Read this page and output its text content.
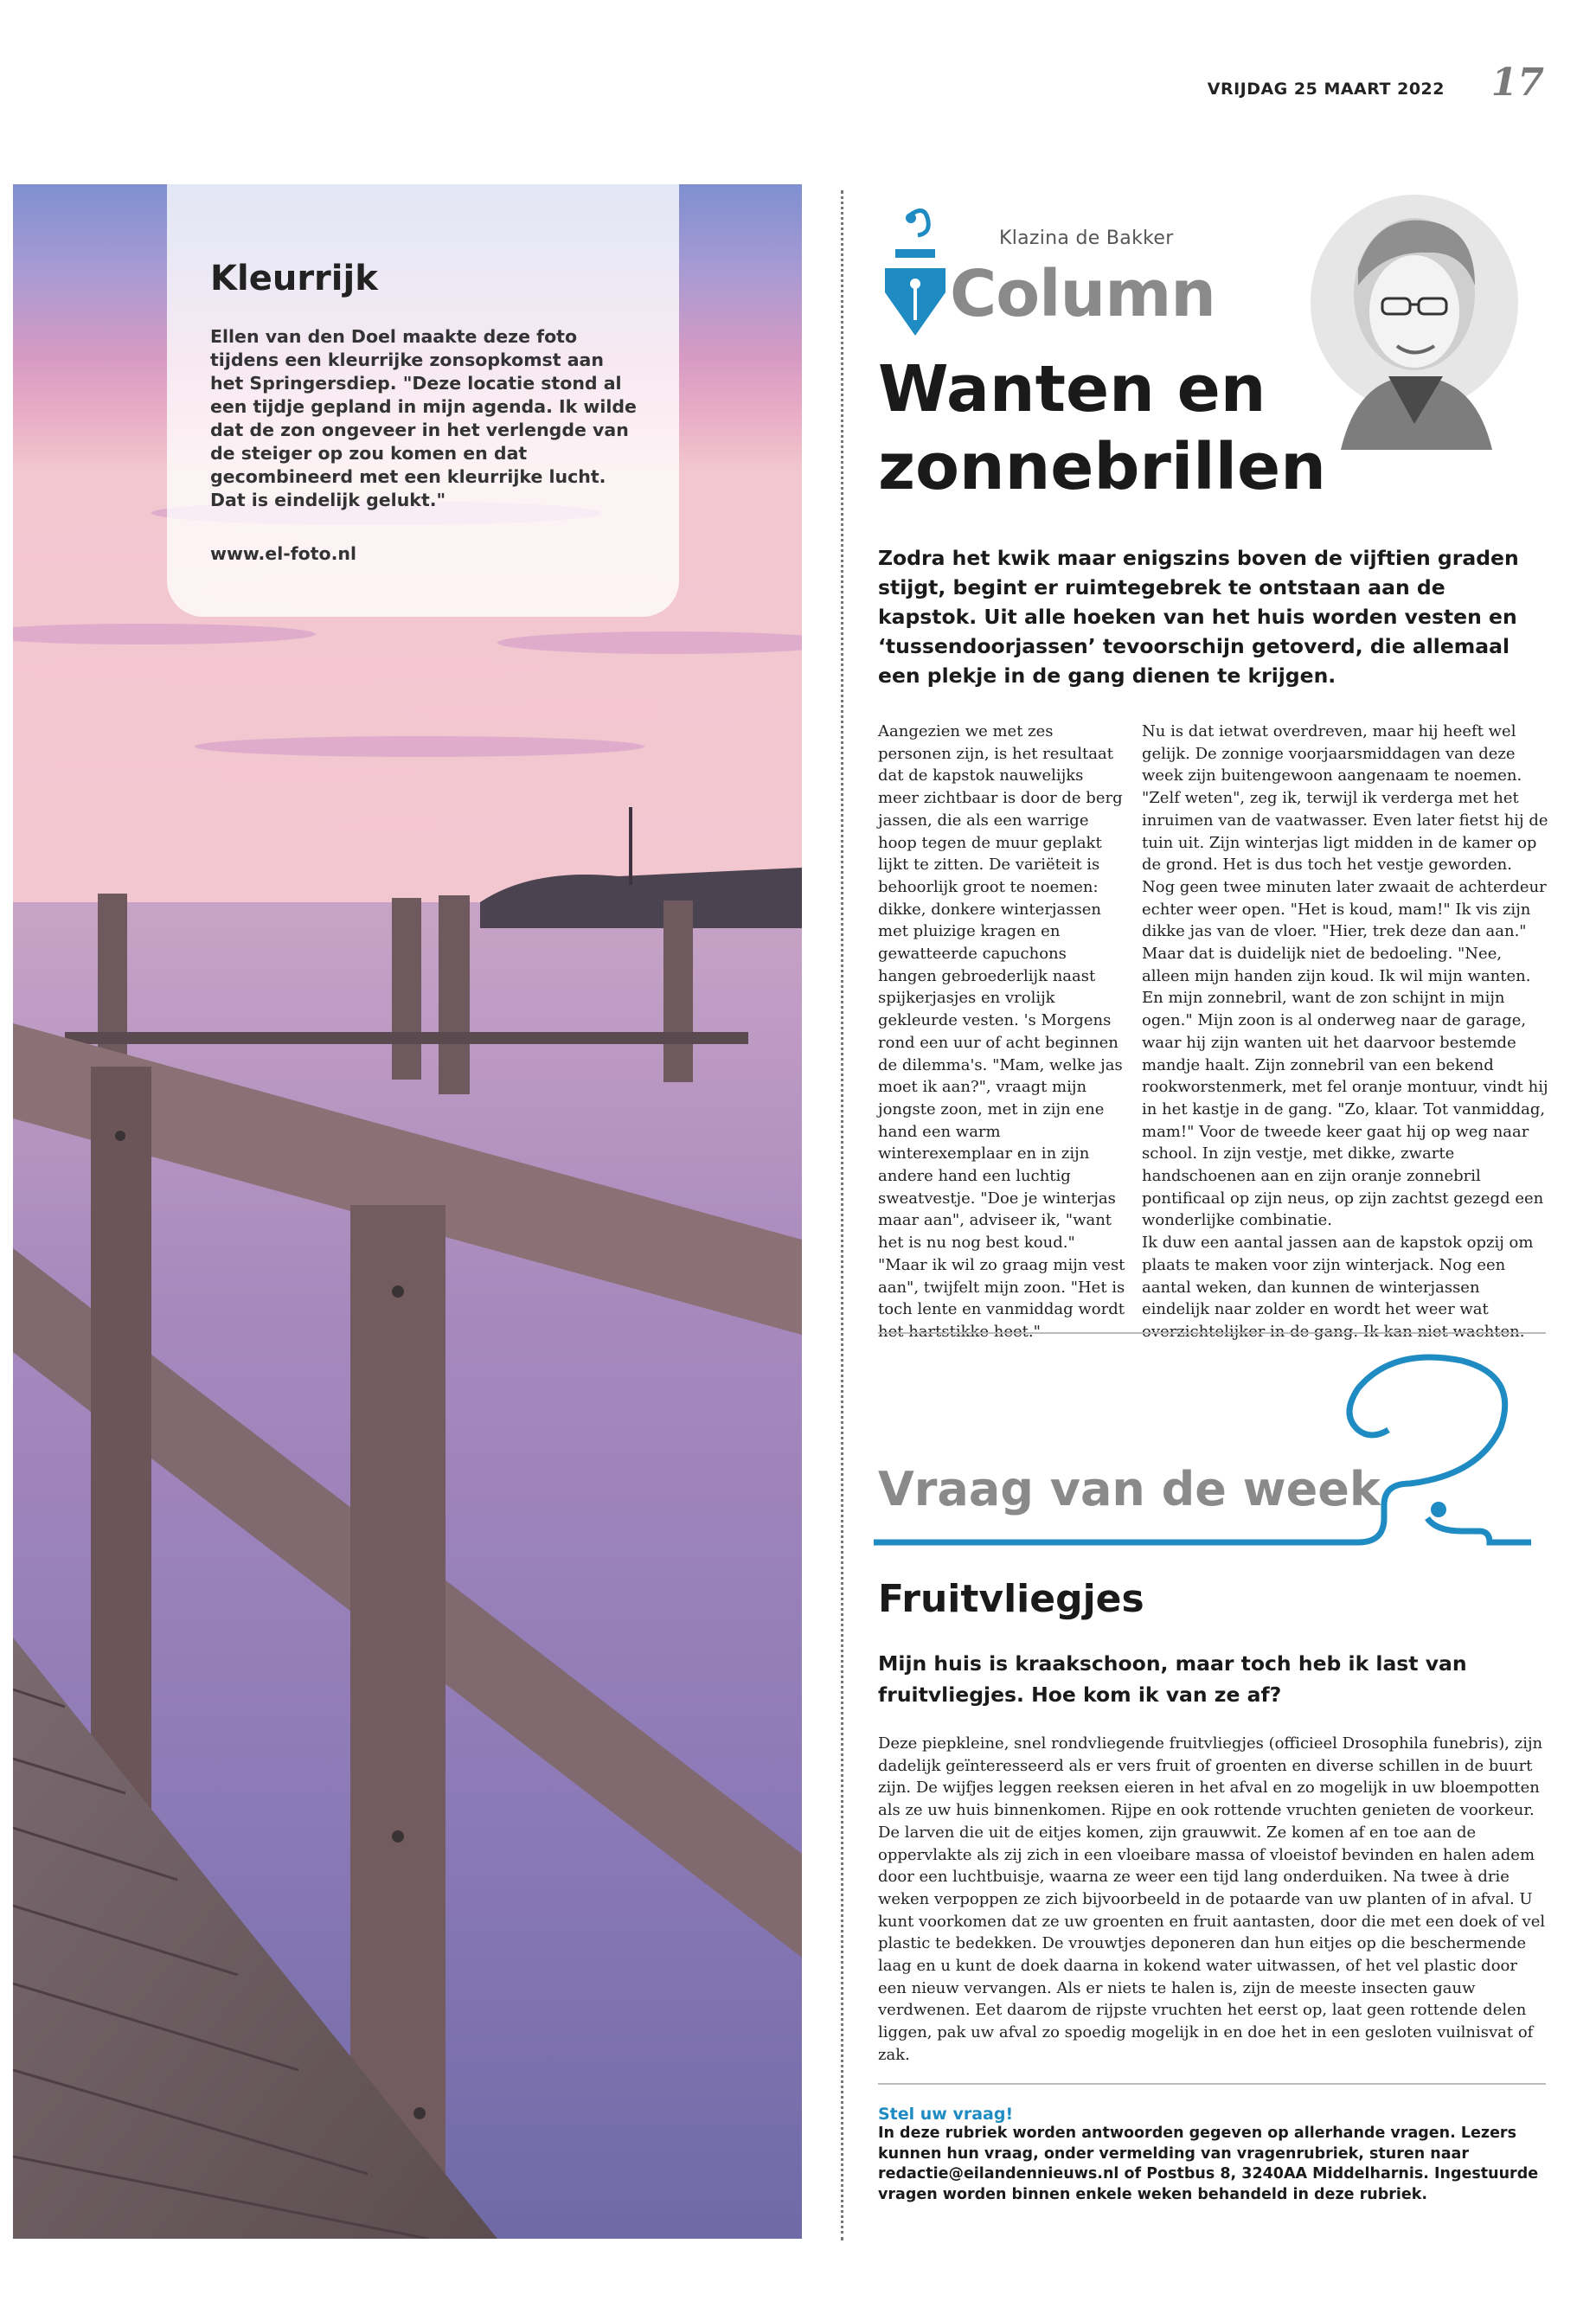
VRIJDAG 25 MAART 2022 17
Kleurrijk
Ellen van den Doel maakte deze foto tijdens een kleurrijke zonsopkomst aan het Springersdiep. "Deze locatie stond al een tijdje gepland in mijn agenda. Ik wilde dat de zon ongeveer in het verlengde van de steiger op zou komen en dat gecombineerd met een kleurrijke lucht. Dat is eindelijk gelukt."
www.el-foto.nl
Klazina de Bakker
Column
Wanten en zonnebrillen
Zodra het kwik maar enigszins boven de vijftien graden stijgt, begint er ruimtegebrek te ontstaan aan de kapstok. Uit alle hoeken van het huis worden vesten en ‘tussendoorjassen’ tevoorschijn getoverd, die allemaal een plekje in de gang dienen te krijgen.
Aangezien we met zes personen zijn, is het resultaat dat de kapstok nauwelijks meer zichtbaar is door de berg jassen, die als een warrige hoop tegen de muur geplakt lijkt te zitten. De variëteit is behoorlijk groot te noemen: dikke, donkere winterjassen met pluizige kragen en gewatteerde capuchons hangen gebroederlijk naast spijkerjasjes en vrolijk gekleurde vesten. 's Morgens rond een uur of acht beginnen de dilemma's. "Mam, welke jas moet ik aan?", vraagt mijn jongste zoon, met in zijn ene hand een warm winterexemplaar en in zijn andere hand een luchtig sweatvestje. "Doe je winterjas maar aan", adviseer ik, "want het is nu nog best koud." "Maar ik wil zo graag mijn vest aan", twijfelt mijn zoon. "Het is toch lente en vanmiddag wordt het hartstikke heet."
Nu is dat ietwat overdreven, maar hij heeft wel gelijk. De zonnige voorjaarsmiddagen van deze week zijn buitengewoon aangenaam te noemen. "Zelf weten", zeg ik, terwijl ik verderga met het inruimen van de vaatwasser. Even later fietst hij de tuin uit. Zijn winterjas ligt midden in de kamer op de grond. Het is dus toch het vestje geworden. Nog geen twee minuten later zwaait de achterdeur echter weer open. "Het is koud, mam!" Ik vis zijn dikke jas van de vloer. "Hier, trek deze dan aan." Maar dat is duidelijk niet de bedoeling. "Nee, alleen mijn handen zijn koud. Ik wil mijn wanten. En mijn zonnebril, want de zon schijnt in mijn ogen." Mijn zoon is al onderweg naar de garage, waar hij zijn wanten uit het daarvoor bestemde mandje haalt. Zijn zonnebril van een bekend rookworstenmerk, met fel oranje montuur, vindt hij in het kastje in de gang. "Zo, klaar. Tot vanmiddag, mam!" Voor de tweede keer gaat hij op weg naar school. In zijn vestje, met dikke, zwarte handschoenen aan en zijn oranje zonnebril pontificaal op zijn neus, op zijn zachtst gezegd een wonderlijke combinatie.
Ik duw een aantal jassen aan de kapstok opzij om plaats te maken voor zijn winterjack. Nog een aantal weken, dan kunnen de winterjassen eindelijk naar zolder en wordt het weer wat overzichtelijker in de gang. Ik kan niet wachten.
Vraag van de week
Fruitvliegjes
Mijn huis is kraakschoon, maar toch heb ik last van fruitvliegjes. Hoe kom ik van ze af?
Deze piepkleine, snel rondvliegende fruitvliegjes (officieel Drosophila funebris), zijn dadelijk geïnteresseerd als er vers fruit of groenten en diverse schillen in de buurt zijn. De wijfjes leggen reeksen eieren in het afval en zo mogelijk in uw bloempotten als ze uw huis binnenkomen. Rijpe en ook rottende vruchten genieten de voorkeur. De larven die uit de eitjes komen, zijn grauwwit. Ze komen af en toe aan de oppervlakte als zij zich in een vloeibare massa of vloeistof bevinden en halen adem door een luchtbuisje, waarna ze weer een tijd lang onderduiken. Na twee à drie weken verpoppen ze zich bijvoorbeeld in de potaarde van uw planten of in afval. U kunt voorkomen dat ze uw groenten en fruit aantasten, door die met een doek of vel plastic te bedekken. De vrouwtjes deponeren dan hun eitjes op die beschermende laag en u kunt de doek daarna in kokend water uitwassen, of het vel plastic door een nieuw vervangen. Als er niets te halen is, zijn de meeste insecten gauw verdwenen. Eet daarom de rijpste vruchten het eerst op, laat geen rottende delen liggen, pak uw afval zo spoedig mogelijk in en doe het in een gesloten vuilnisvat of zak.
Stel uw vraag!
In deze rubriek worden antwoorden gegeven op allerhande vragen. Lezers kunnen hun vraag, onder vermelding van vragenrubriek, sturen naar redactie@eilandennieuws.nl of Postbus 8, 3240AA Middelharnis. Ingestuurde vragen worden binnen enkele weken behandeld in deze rubriek.
